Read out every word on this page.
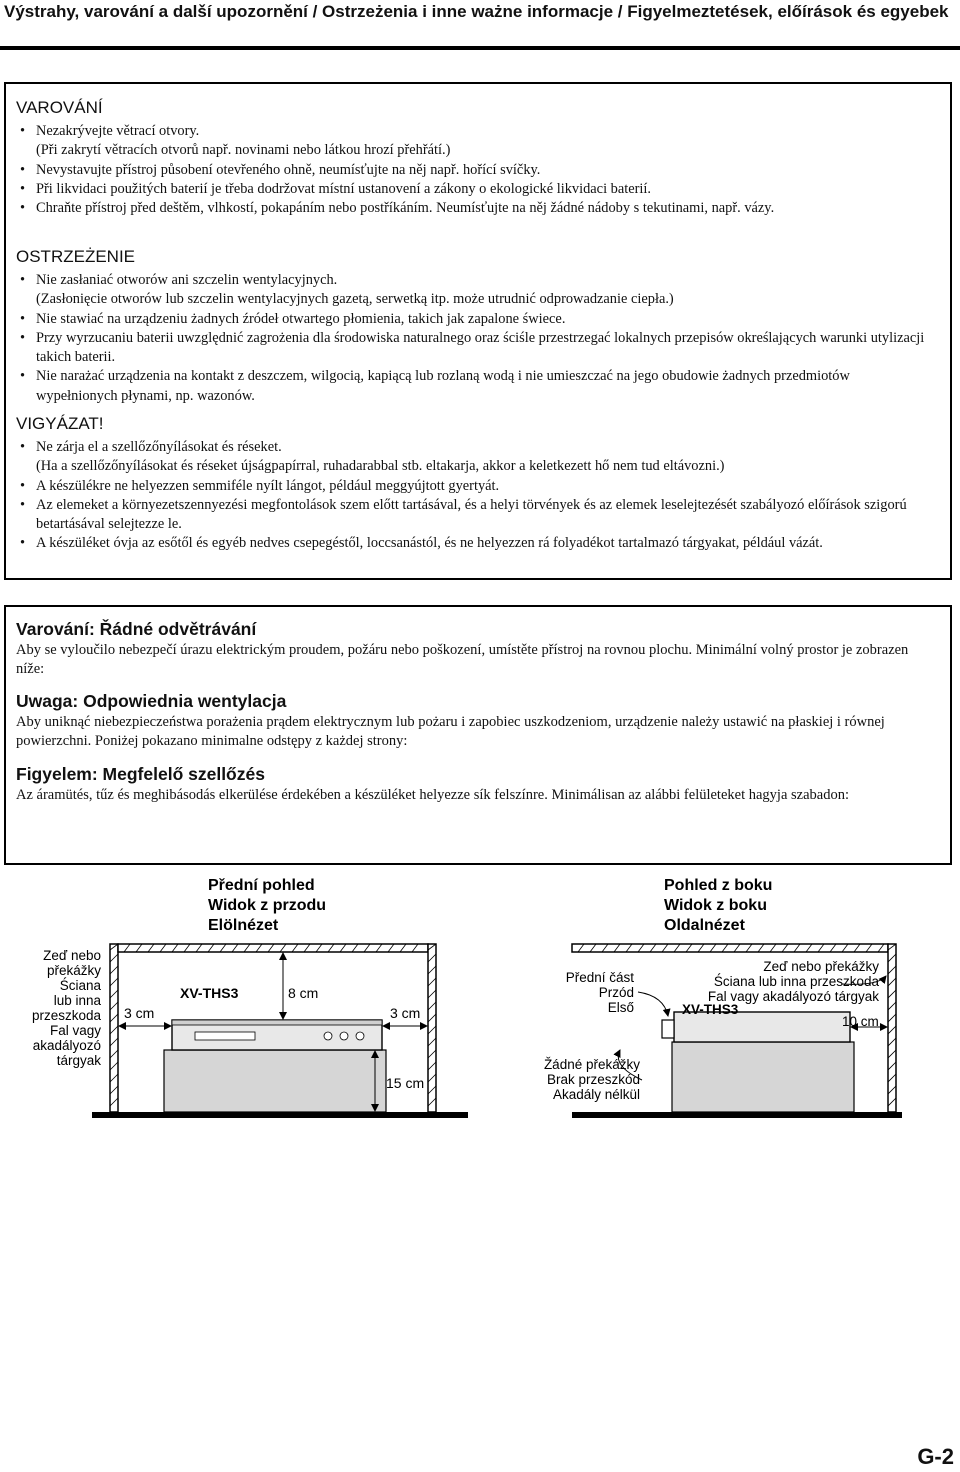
Výstrahy, varování a další upozornění / Ostrzeżenia i inne ważne informacje / Figyelmeztetések, előírások és egyebek
VAROVÁNÍ
• Nezakrývejte větrací otvory.
(Při zakrytí větracích otvorů např. novinami nebo látkou hrozí přehřátí.)
• Nevystavujte přístroj působení otevřeného ohně, neumísťujte na něj např. hořící svíčky.
• Při likvidaci použitých baterií je třeba dodržovat místní ustanovení a zákony o ekologické likvidaci baterií.
• Chraňte přístroj před deštěm, vlhkostí, pokapáním nebo postříkáním. Neumísťujte na něj žádné nádoby s tekutinami, např. vázy.
OSTRZEŻENIE
• Nie zasłaniać otworów ani szczelin wentylacyjnych.
(Zasłonięcie otworów lub szczelin wentylacyjnych gazetą, serwetką itp. może utrudnić odprowadzanie ciepła.)
• Nie stawiać na urządzeniu żadnych źródeł otwartego płomienia, takich jak zapalone świece.
• Przy wyrzucaniu baterii uwzględnić zagrożenia dla środowiska naturalnego oraz ściśle przestrzegać lokalnych przepisów określających warunki utylizacji takich baterii.
• Nie narażać urządzenia na kontakt z deszczem, wilgocią, kapiącą lub rozlaną wodą i nie umieszczać na jego obudowie żadnych przedmiotów wypełnionych płynami, np. wazonów.
VIGYÁZAT!
• Ne zárja el a szellőzőnyílásokat és réseket.
(Ha a szellőzőnyílásokat és réseket újságpapírral, ruhadarabbal stb. eltakarja, akkor a keletkezett hő nem tud eltávozni.)
• A készülékre ne helyezzen semmiféle nyílt lángot, például meggyújtott gyertyát.
• Az elemeket a környezetszennyezési megfontolások szem előtt tartásával, és a helyi törvények és az elemek leselejtezését szabályozó előírások szigorú betartásával selejtezze le.
• A készüléket óvja az esőtől és egyéb nedves csepegéstől, loccsanástól, és ne helyezzen rá folyadékot tartalmazó tárgyakat, például vázát.
Varování: Řádné odvětrávání

Aby se vyloučilo nebezpečí úrazu elektrickým proudem, požáru nebo poškození, umístěte přístroj na rovnou plochu. Minimální volný prostor je zobrazen níže:

Uwaga: Odpowiednia wentylacja

Aby uniknąć niebezpieczeństwa porażenia prądem elektrycznym lub pożaru i zapobiec uszkodzeniom, urządzenie należy ustawić na płaskiej i równej powierzchni. Poniżej pokazano minimalne odstępy z każdej strony:

Figyelem: Megfelelő szellőzés

Az áramütés, tűz és meghibásodás elkerülése érdekében a készüléket helyezze sík felszínre. Minimálisan az alábbi felületeket hagyja szabadon:

Přední pohled
Widok z przodu
Elölnézet
Pohled z boku
Widok z boku
Oldalnézet
Zeď nebo
překážky
Ściana
lub inna
przeszkoda
Fal vagy
akadályozó
tárgyak
XV-THS3
3 cm
8 cm
3 cm
15 cm
Přední část
Przód
Első
Zeď nebo překážky
Ściana lub inna przeszkoda
Fal vagy akadályozó tárgyak
XV-THS3
10 cm
Žádné překážky
Brak przeszkód
Akadály nélkül
G-2
